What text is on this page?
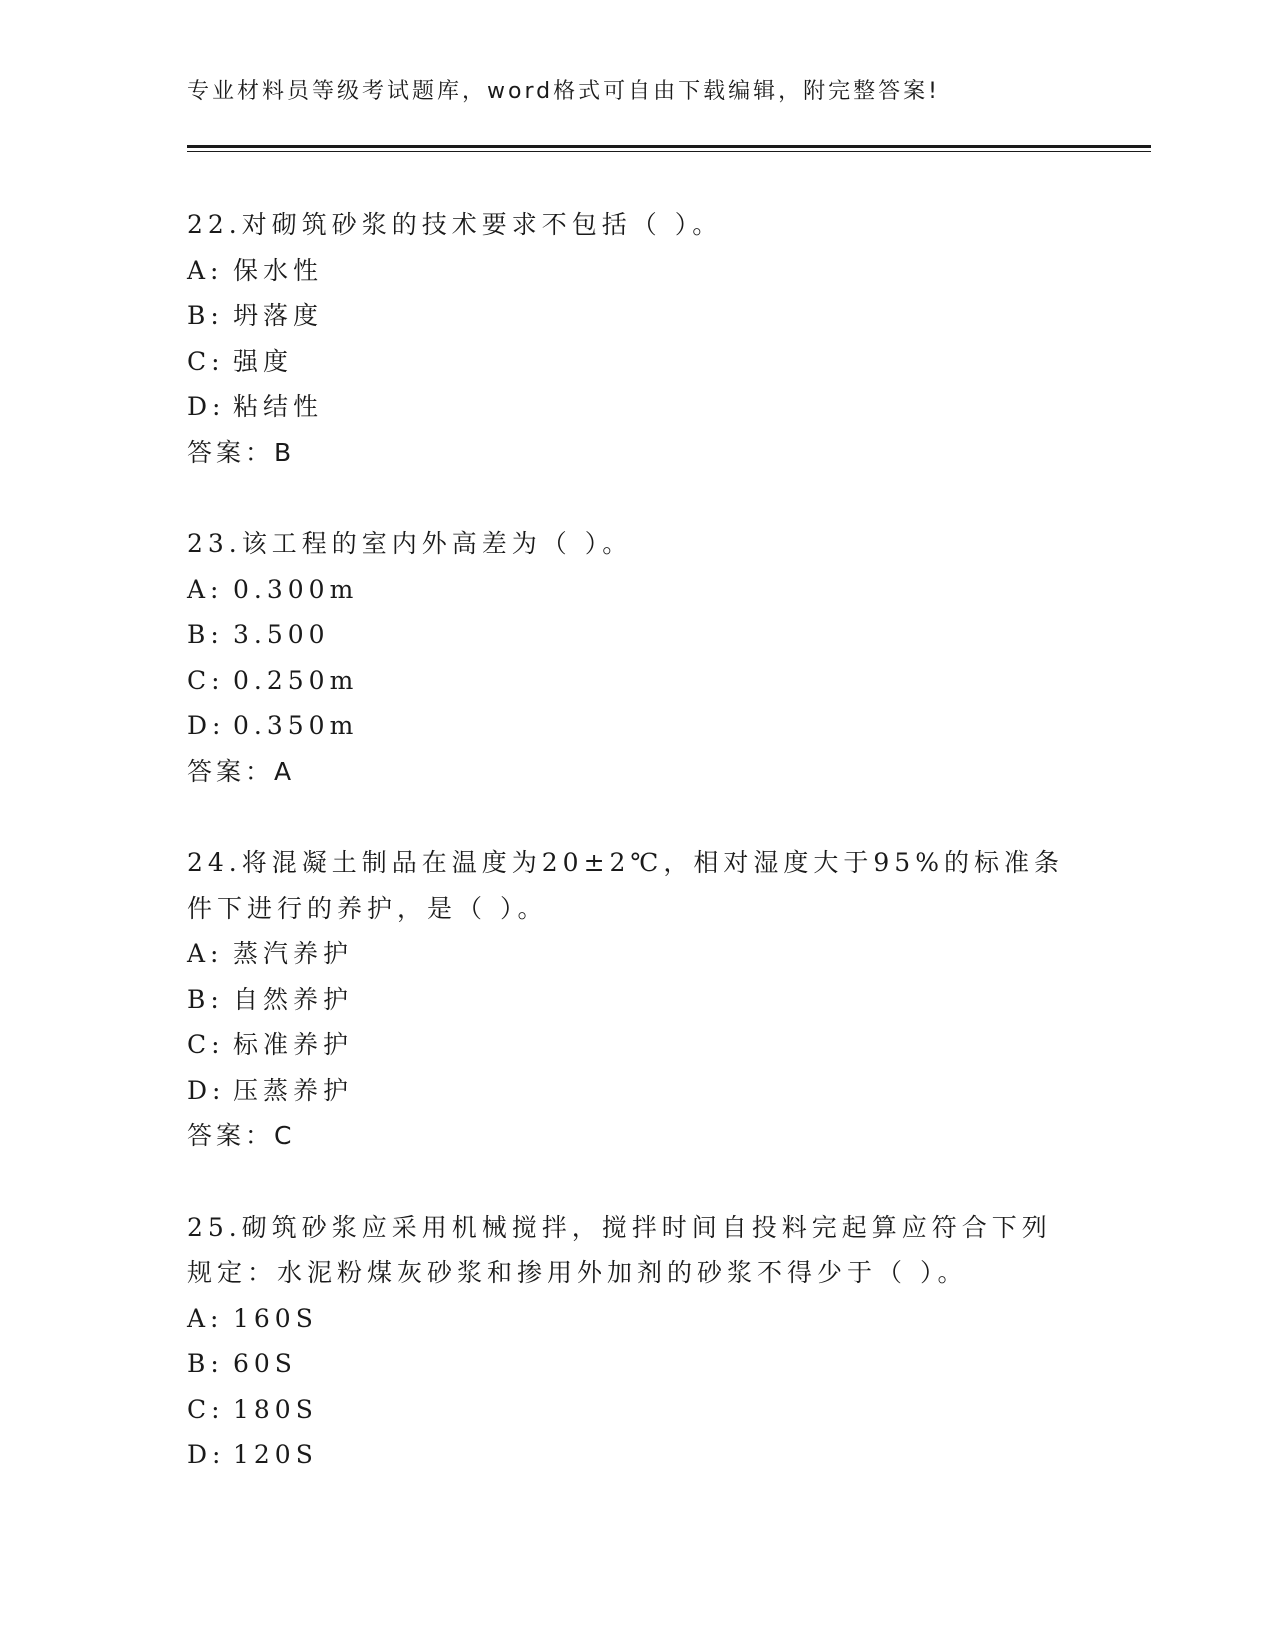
专业材料员等级考试题库，word格式可自由下载编辑，附完整答案!
22.对砌筑砂浆的技术要求不包括（ ）。
A: 保水性
B: 坍落度
C: 强度
D: 粘结性
答案：B
23.该工程的室内外高差为（ ）。
A: 0.300m
B: 3.500
C: 0.250m
D: 0.350m
答案：A
24.将混凝土制品在温度为20±2℃，相对湿度大于95%的标准条件下进行的养护，是（ ）。
A: 蒸汽养护
B: 自然养护
C: 标准养护
D: 压蒸养护
答案：C
25.砌筑砂浆应采用机械搅拌，搅拌时间自投料完起算应符合下列规定：水泥粉煤灰砂浆和掺用外加剂的砂浆不得少于（ ）。
A: 160S
B: 60S
C: 180S
D: 120S
